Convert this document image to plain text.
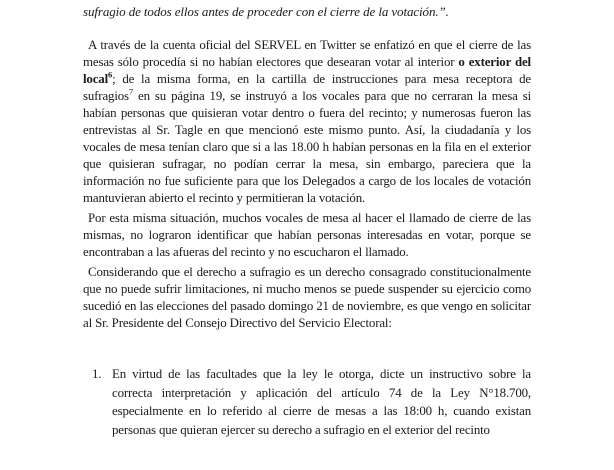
sufragio de todos ellos antes de proceder con el cierre de la votación.”.

A través de la cuenta oficial del SERVEL en Twitter se enfatizó en que el cierre de las mesas sólo procedía si no habían electores que desearan votar al interior o exterior del local$^6$; de la misma forma, en la cartilla de instrucciones para mesa receptora de sufragios$^7$ en su página 19, se instruyó a los vocales para que no cerraran la mesa si habían personas que quisieran votar dentro o fuera del recinto; y numerosas fueron las entrevistas al Sr. Tagle en que mencionó este mismo punto. Así, la ciudadanía y los vocales de mesa tenían claro que si a las 18.00 h habían personas en la fila en el exterior que quisieran sufragar, no podían cerrar la mesa, sin embargo, pareciera que la información no fue suficiente para que los Delegados a cargo de los locales de votación mantuvieran abierto el recinto y permitieran la votación.

Por esta misma situación, muchos vocales de mesa al hacer el llamado de cierre de las mismas, no lograron identificar que habían personas interesadas en votar, porque se encontraban a las afueras del recinto y no escucharon el llamado.

Considerando que el derecho a sufragio es un derecho consagrado constitucionalmente que no puede sufrir limitaciones, ni mucho menos se puede suspender su ejercicio como sucedió en las elecciones del pasado domingo 21 de noviembre, es que vengo en solicitar al Sr. Presidente del Consejo Directivo del Servicio Electoral:

1. En virtud de las facultades que la ley le otorga, dicte un instructivo sobre la correcta interpretación y aplicación del artículo 74 de la Ley N°18.700, especialmente en lo referido al cierre de mesas a las 18:00 h, cuando existan personas que quieran ejercer su derecho a sufragio en el exterior del recinto
